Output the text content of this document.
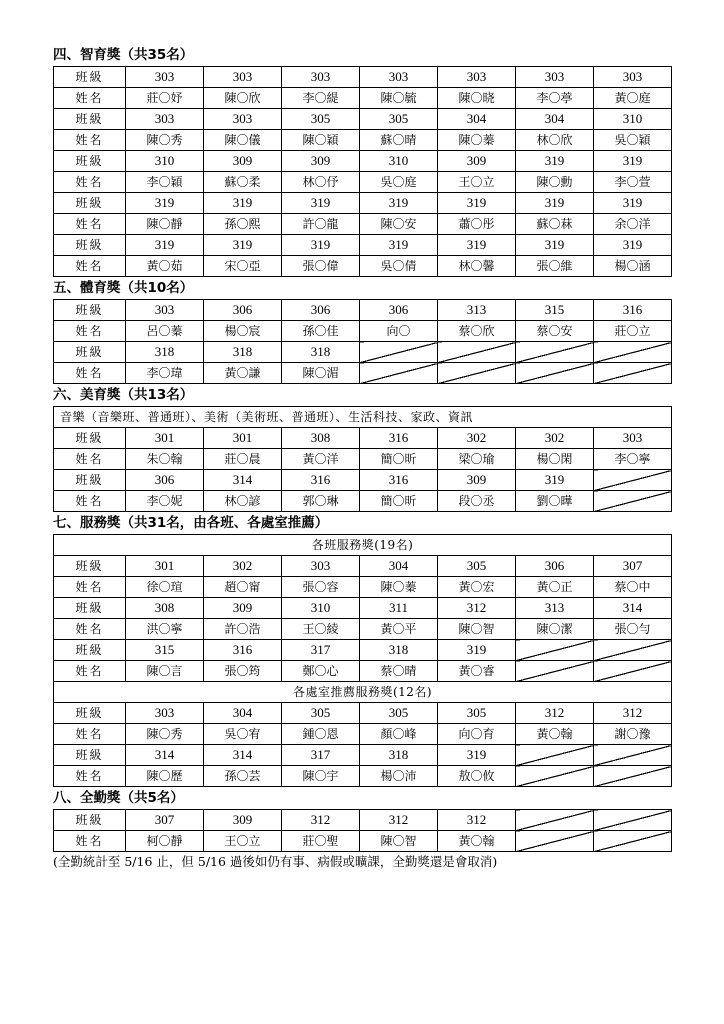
四、智育獎（共35名）
班級	303	303	303	303	303	303	303
姓名	莊〇妤	陳〇欣	李〇緹	陳〇毓	陳〇晓	李〇葶	黃〇庭
班級	303	303	305	305	304	304	310
姓名	陳〇秀	陳〇儀	陳〇穎	蘇〇晴	陳〇蓁	林〇欣	吳〇穎
班級	310	309	309	310	309	319	319
姓名	李〇穎	蘇〇柔	林〇伃	吳〇庭	王〇立	陳〇勳	李〇萱
班級	319	319	319	319	319	319	319
姓名	陳〇靜	孫〇熙	許〇龍	陳〇安	蕭〇彤	蘇〇菻	余〇洋
班級	319	319	319	319	319	319	319
姓名	黃〇茹	宋〇亞	張〇偉	吳〇倩	林〇馨	張〇維	楊〇涵
五、體育獎（共10名）
班級	303	306	306	306	313	315	316
姓名	呂〇蓁	楊〇宸	孫〇佳	向〇	蔡〇欣	蔡〇安	莊〇立
班級	318	318	318				
姓名	李〇瑋	黃〇謙	陳〇湄				
六、美育獎（共13名）
音樂（音樂班、普通班）、美術（美術班、普通班）、生活科技、家政、資訊							
班級	301	301	308	316	302	302	303
姓名	朱〇翰	莊〇晨	黃〇洋	簡〇昕	梁〇瑜	楊〇閑	李〇寧
班級	306	314	316	316	309	319	
姓名	李〇妮	林〇諺	郭〇琳	簡〇昕	段〇丞	劉〇曄	
七、服務獎（共31名，由各班、各處室推薦）
各班服務獎(19名)							
班級	301	302	303	304	305	306	307
姓名	徐〇瑄	趙〇甯	張〇容	陳〇蓁	黃〇宏	黃〇正	蔡〇中
班級	308	309	310	311	312	313	314
姓名	洪〇寧	許〇浩	王〇綾	黃〇平	陳〇智	陳〇潔	張〇勻
班級	315	316	317	318	319		
姓名	陳〇言	張〇筠	鄭〇心	蔡〇晴	黃〇睿		
各處室推薦服務獎(12名)							
班級	303	304	305	305	305	312	312
姓名	陳〇秀	吳〇宥	鍾〇恩	顏〇峰	向〇育	黃〇翰	謝〇豫
班級	314	314	317	318	319		
姓名	陳〇歷	孫〇芸	陳〇宇	楊〇沛	敖〇攸		
八、全勤獎（共5名）
班級	307	309	312	312	312		
姓名	柯〇靜	王〇立	莊〇聖	陳〇智	黃〇翰		
(全勤統計至 5/16 止，但 5/16 過後如仍有事、病假或曠課，全勤獎還是會取消)
